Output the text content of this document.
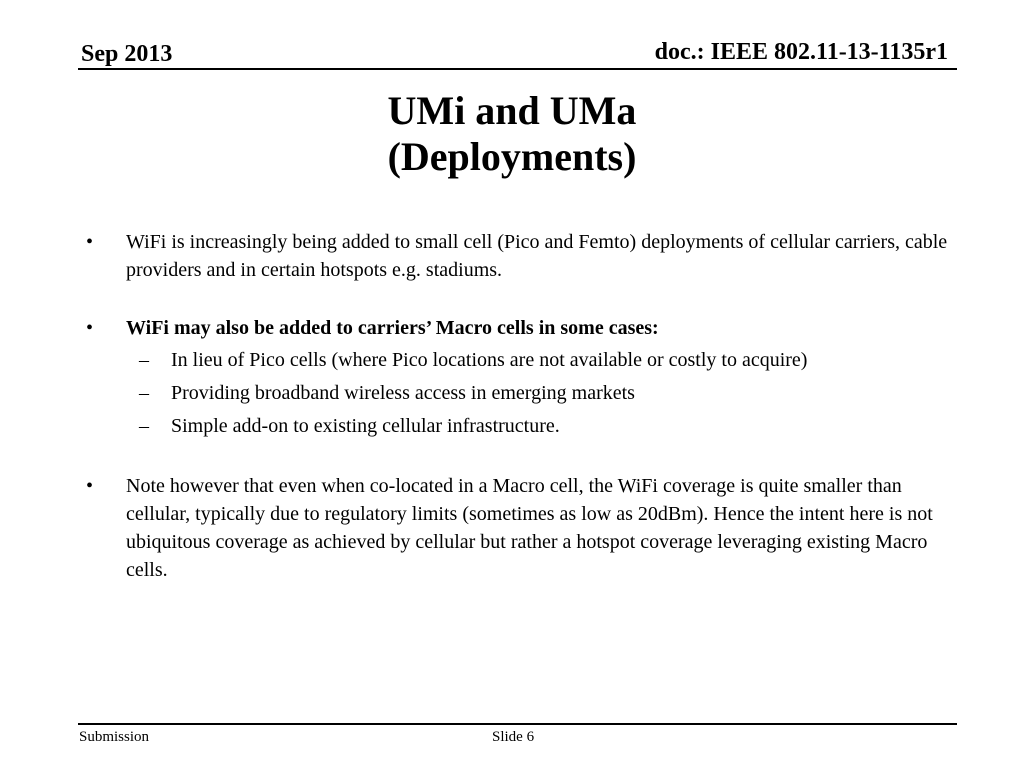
Sep 2013	doc.: IEEE 802.11-13-1135r1
UMi and UMa
(Deployments)
• WiFi is increasingly being added to small cell (Pico and Femto) deployments of cellular carriers, cable providers and in certain hotspots e.g. stadiums.
• WiFi may also be added to carriers’ Macro cells in some cases:
– In lieu of Pico cells (where Pico locations are not available or costly to acquire)
– Providing broadband wireless access in emerging markets
– Simple add-on to existing cellular infrastructure.
• Note however that even when co-located in a Macro cell, the WiFi coverage is quite smaller than cellular, typically due to regulatory limits (sometimes as low as 20dBm). Hence the intent here is not ubiquitous coverage as achieved by cellular but rather a hotspot coverage leveraging existing Macro cells.
Submission	Slide 6
